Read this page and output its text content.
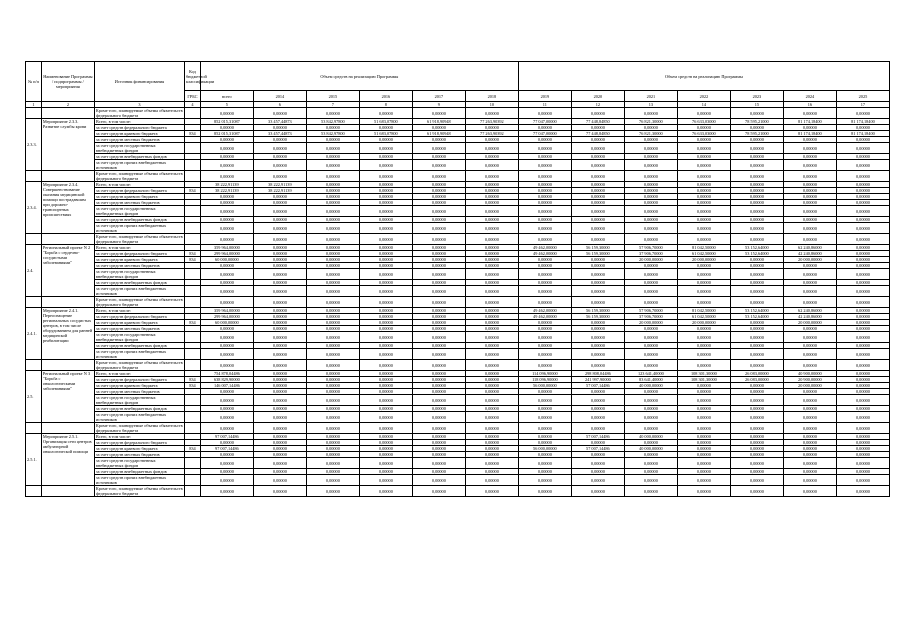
№ п/п	Наименование Программы / подпрограммы / мероприятия	Источник финансирования	Код бюджетной классификации	Объем средств на реализацию Программы						Объем средств на реализацию Программы						
			ГРБС	всего	2014	2015	2016	2017	2018	2019	2020	2021	2022	2023	2024	2025
1	2	3	4	5	6	7	8	9	10	11	12	13	14	15	16	17
		Кроме того, планируемые объемы обязательств федерального бюджета		0,00000	0,00000	0,00000	0,00000	0,00000	0,00000	0,00000	0,00000	0,00000	0,00000	0,00000	0,00000	0,00000
2.3.3.	Мероприятие 2.3.3. Развитие службы крови	Всего, в том числе:		852 015,31087	33 457,44873	53 842,97800	51 683,07800	61 918,90948	77 263,90392	77 047,00000	77 448,84850	76 821,30000	76 633,03000	78 595,21000	81 174,18400	81 174,18400
		за счет средств федерального бюджета		0,00000	0,00000	0,00000	0,00000	0,00000	0,00000	0,00000	0,00000	0,00000	0,00000	0,00000	0,00000	0,00000
		за счет средств краевого бюджета	834	852 015,31087	33 457,44873	53 842,97800	51 683,07800	61 918,90948	77 263,90392	77 047,00000	77 448,84850	76 821,30000	76 633,03000	78 595,21000	81 174,18400	81 174,18400
		за счет средств местных бюджетов		0,00000	0,00000	0,00000	0,00000	0,00000	0,00000	0,00000	0,00000	0,00000	0,00000	0,00000	0,00000	0,00000
		за счет средств государственных внебюджетных фондов		0,00000	0,00000	0,00000	0,00000	0,00000	0,00000	0,00000	0,00000	0,00000	0,00000	0,00000	0,00000	0,00000
		за счет средств внебюджетных фондов		0,00000	0,00000	0,00000	0,00000	0,00000	0,00000	0,00000	0,00000	0,00000	0,00000	0,00000	0,00000	0,00000
		за счет средств прочих внебюджетных источников		0,00000	0,00000	0,00000	0,00000	0,00000	0,00000	0,00000	0,00000	0,00000	0,00000	0,00000	0,00000	0,00000
		Кроме того, планируемые объемы обязательств федерального бюджета		0,00000	0,00000	0,00000	0,00000	0,00000	0,00000	0,00000	0,00000	0,00000	0,00000	0,00000	0,00000	0,00000
2.3.4.	Мероприятие 2.3.4. Совершенствование оказания медицинской помощи пострадавшим при дорожно-транспортных происшествиях	Всего, в том числе:		38 222,91139	38 222,91139	0,00000	0,00000	0,00000	0,00000	0,00000	0,00000	0,00000	0,00000	0,00000	0,00000	0,00000
		за счет средств федерального бюджета	834	38 222,91139	38 222,91139	0,00000	0,00000	0,00000	0,00000	0,00000	0,00000	0,00000	0,00000	0,00000	0,00000	0,00000
		за счет средств краевого бюджета		0,00000	0,00000	0,00000	0,00000	0,00000	0,00000	0,00000	0,00000	0,00000	0,00000	0,00000	0,00000	0,00000
		за счет средств местных бюджетов		0,00000	0,00000	0,00000	0,00000	0,00000	0,00000	0,00000	0,00000	0,00000	0,00000	0,00000	0,00000	0,00000
		за счет средств государственных внебюджетных фондов		0,00000	0,00000	0,00000	0,00000	0,00000	0,00000	0,00000	0,00000	0,00000	0,00000	0,00000	0,00000	0,00000
		за счет средств внебюджетных фондов		0,00000	0,00000	0,00000	0,00000	0,00000	0,00000	0,00000	0,00000	0,00000	0,00000	0,00000	0,00000	0,00000
		за счет средств прочих внебюджетных источников		0,00000	0,00000	0,00000	0,00000	0,00000	0,00000	0,00000	0,00000	0,00000	0,00000	0,00000	0,00000	0,00000
		Кроме того, планируемые объемы обязательств федерального бюджета		0,00000	0,00000	0,00000	0,00000	0,00000	0,00000	0,00000	0,00000	0,00000	0,00000	0,00000	0,00000	0,00000
2.4.	Региональный проект N 2 "Борьба с сердечно-сосудистыми заболеваниями"	Всего, в том числе:		359 964,00000	0,00000	0,00000	0,00000	0,00000	0,00000	49 462,00000	56 159,30000	57 906,70000	81 042,50000	53 152,64000	62 240,86000	0,00000
		за счет средств федерального бюджета	834	299 964,00000	0,00000	0,00000	0,00000	0,00000	0,00000	49 462,00000	56 159,30000	37 906,70000	61 042,50000	53 152,64000	42 240,86000	0,00000
		за счет средств краевого бюджета	834	60 000,00000	0,00000	0,00000	0,00000	0,00000	0,00000	0,00000	0,00000	20 000,00000	20 000,00000	0,00000	20 000,00000	0,00000
		за счет средств местных бюджетов		0,00000	0,00000	0,00000	0,00000	0,00000	0,00000	0,00000	0,00000	0,00000	0,00000	0,00000	0,00000	0,00000
		за счет средств государственных внебюджетных фондов		0,00000	0,00000	0,00000	0,00000	0,00000	0,00000	0,00000	0,00000	0,00000	0,00000	0,00000	0,00000	0,00000
		за счет средств внебюджетных фондов		0,00000	0,00000	0,00000	0,00000	0,00000	0,00000	0,00000	0,00000	0,00000	0,00000	0,00000	0,00000	0,00000
		за счет средств прочих внебюджетных источников		0,00000	0,00000	0,00000	0,00000	0,00000	0,00000	0,00000	0,00000	0,00000	0,00000	0,00000	0,00000	0,00000
		Кроме того, планируемые объемы обязательств федерального бюджета		0,00000	0,00000	0,00000	0,00000	0,00000	0,00000	0,00000	0,00000	0,00000	0,00000	0,00000	0,00000	0,00000
2.4.1.	Мероприятие 2.4.1. Переоснащение региональных сосудистых центров, в том числе оборудованием для ранней медицинской реабилитации	Всего, в том числе:		359 964,00000	0,00000	0,00000	0,00000	0,00000	0,00000	49 462,00000	56 159,30000	57 906,70000	81 042,50000	53 152,64000	62 240,86000	0,00000
		за счет средств федерального бюджета		299 964,00000	0,00000	0,00000	0,00000	0,00000	0,00000	49 462,00000	56 159,30000	37 906,70000	61 042,50000	53 152,64000	42 240,86000	0,00000
		за счет средств краевого бюджета	834	60 000,00000	0,00000	0,00000	0,00000	0,00000	0,00000	0,00000	0,00000	20 000,00000	20 000,00000	0,00000	20 000,00000	0,00000
		за счет средств местных бюджетов		0,00000	0,00000	0,00000	0,00000	0,00000	0,00000	0,00000	0,00000	0,00000	0,00000	0,00000	0,00000	0,00000
		за счет средств государственных внебюджетных фондов		0,00000	0,00000	0,00000	0,00000	0,00000	0,00000	0,00000	0,00000	0,00000	0,00000	0,00000	0,00000	0,00000
		за счет средств внебюджетных фондов		0,00000	0,00000	0,00000	0,00000	0,00000	0,00000	0,00000	0,00000	0,00000	0,00000	0,00000	0,00000	0,00000
		за счет средств прочих внебюджетных источников		0,00000	0,00000	0,00000	0,00000	0,00000	0,00000	0,00000	0,00000	0,00000	0,00000	0,00000	0,00000	0,00000
		Кроме того, планируемые объемы обязательств федерального бюджета		0,00000	0,00000	0,00000	0,00000	0,00000	0,00000	0,00000	0,00000	0,00000	0,00000	0,00000	0,00000	0,00000
2.5.	Региональный проект N 3 "Борьба с онкологическими заболеваниями"	Всего, в том числе:		754 878,04486	0,00000	0,00000	0,00000	0,00000	0,00000	114 096,90000	298 808,04486	123 641,40000	108 301,30000	26 083,00000	40 900,00000	0,00000
		за счет средств федерального бюджета	834	638 829,90000	0,00000	0,00000	0,00000	0,00000	0,00000	118 096,90000	241 997,90000	83 641,40000	108 301,30000	26 083,00000	20 900,00000	0,00000
		за счет средств краевого бюджета	834	146 007,14486	0,00000	0,00000	0,00000	0,00000	0,00000	56 000,00000	57 007,14486	40 000,00000	0,00000	0,00000	20 000,00000	0,00000
		за счет средств местных бюджетов		0,00000	0,00000	0,00000	0,00000	0,00000	0,00000	0,00000	0,00000	0,00000	0,00000	0,00000	0,00000	0,00000
		за счет средств государственных внебюджетных фондов		0,00000	0,00000	0,00000	0,00000	0,00000	0,00000	0,00000	0,00000	0,00000	0,00000	0,00000	0,00000	0,00000
		за счет средств внебюджетных фондов		0,00000	0,00000	0,00000	0,00000	0,00000	0,00000	0,00000	0,00000	0,00000	0,00000	0,00000	0,00000	0,00000
		за счет средств прочих внебюджетных источников		0,00000	0,00000	0,00000	0,00000	0,00000	0,00000	0,00000	0,00000	0,00000	0,00000	0,00000	0,00000	0,00000
		Кроме того, планируемые объемы обязательств федерального бюджета		0,00000	0,00000	0,00000	0,00000	0,00000	0,00000	0,00000	0,00000	0,00000	0,00000	0,00000	0,00000	0,00000
2.5.1.	Мероприятие 2.5.1. Организация сети центров амбулаторной онкологической помощи	Всего, в том числе:		97 007,14486	0,00000	0,00000	0,00000	0,00000	0,00000	0,00000	57 007,14486	40 000,00000	0,00000	0,00000	0,00000	0,00000
		за счет средств федерального бюджета		0,00000	0,00000	0,00000	0,00000	0,00000	0,00000	0,00000	0,00000	0,00000	0,00000	0,00000	0,00000	0,00000
		за счет средств краевого бюджета	834	97 007,14486	0,00000	0,00000	0,00000	0,00000	0,00000	56 000,00000	57 007,14486	40 000,00000	0,00000	0,00000	0,00000	0,00000
		за счет средств местных бюджетов		0,00000	0,00000	0,00000	0,00000	0,00000	0,00000	0,00000	0,00000	0,00000	0,00000	0,00000	0,00000	0,00000
		за счет средств государственных внебюджетных фондов		0,00000	0,00000	0,00000	0,00000	0,00000	0,00000	0,00000	0,00000	0,00000	0,00000	0,00000	0,00000	0,00000
		за счет средств внебюджетных фондов		0,00000	0,00000	0,00000	0,00000	0,00000	0,00000	0,00000	0,00000	0,00000	0,00000	0,00000	0,00000	0,00000
		за счет средств прочих внебюджетных источников		0,00000	0,00000	0,00000	0,00000	0,00000	0,00000	0,00000	0,00000	0,00000	0,00000	0,00000	0,00000	0,00000
		Кроме того, планируемые объемы обязательств федерального бюджета		0,00000	0,00000	0,00000	0,00000	0,00000	0,00000	0,00000	0,00000	0,00000	0,00000	0,00000	0,00000	0,00000
